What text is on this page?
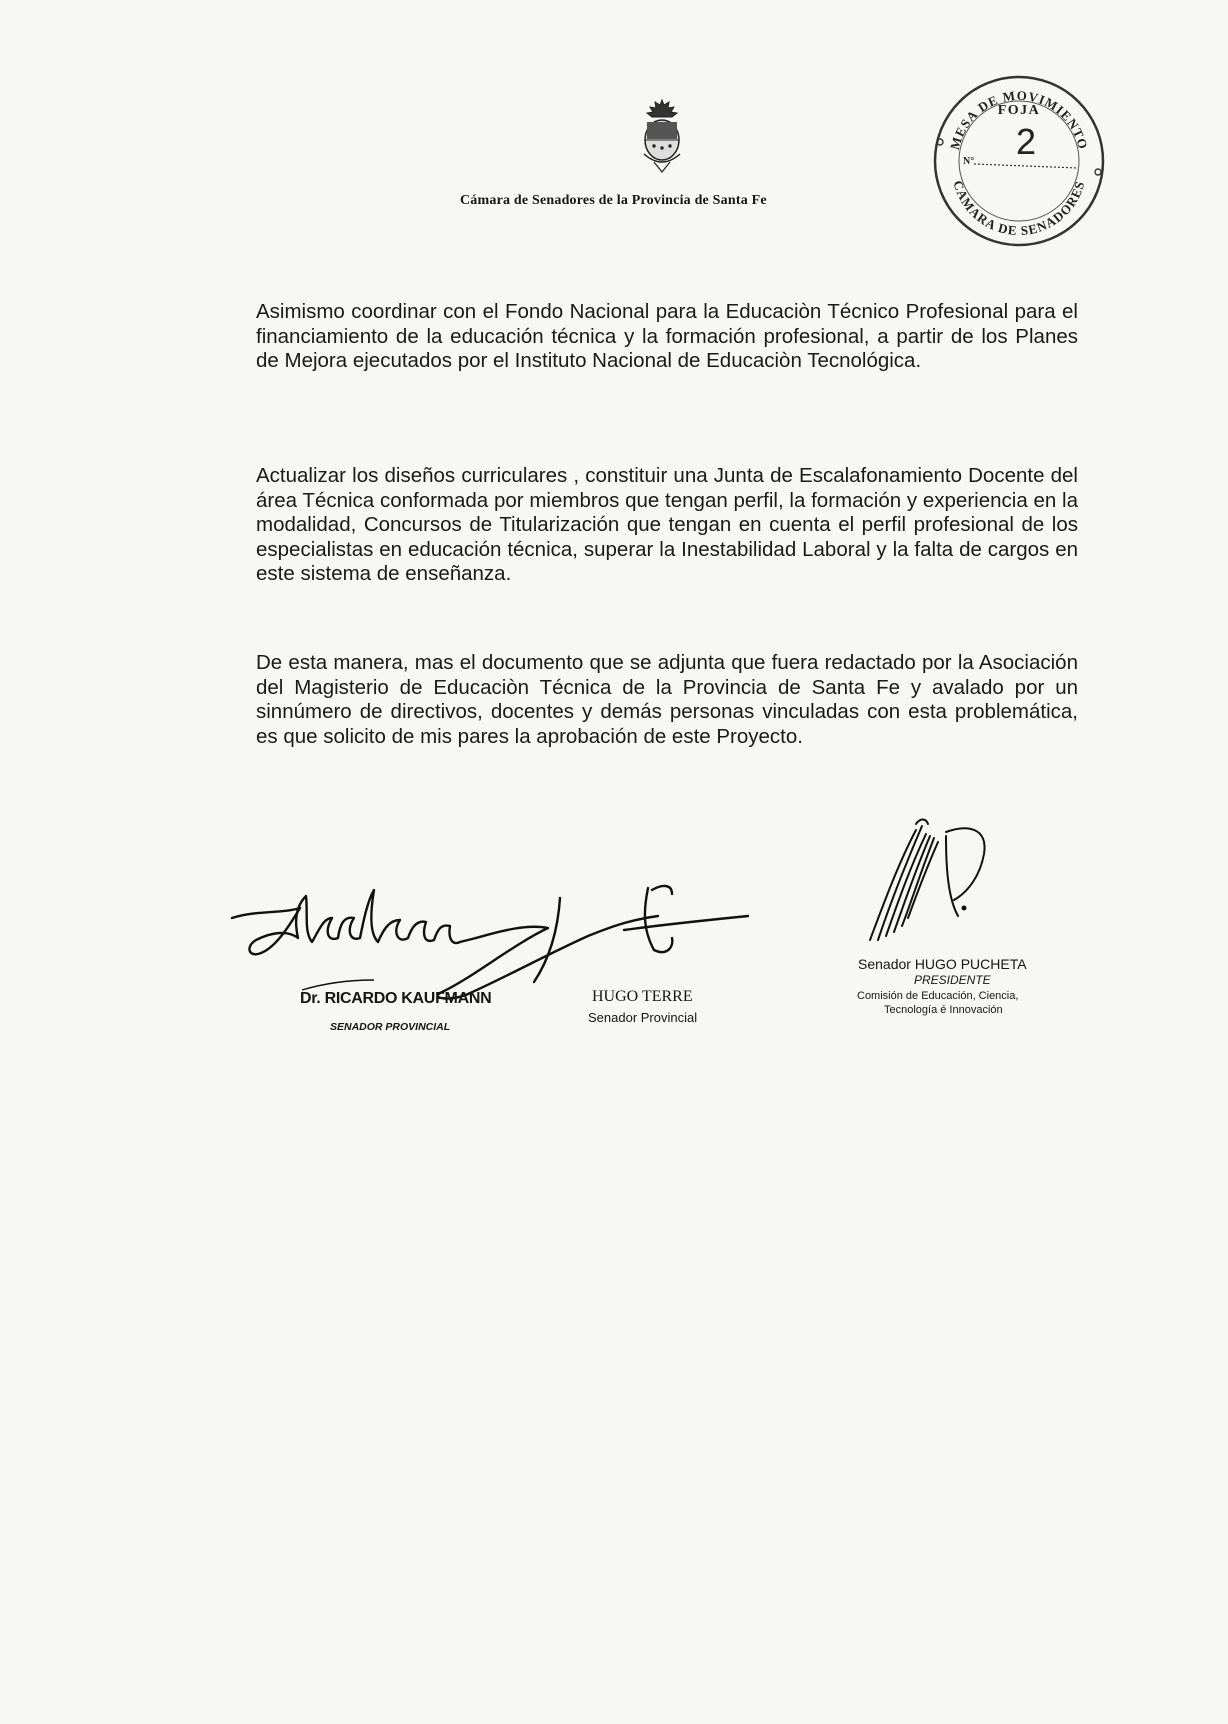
Cámara de Senadores de la Provincia de Santa Fe
MESA DE MOVIMIENTO
CAMARA DE SENADORES
FOJA
N° 2
Asimismo coordinar con el Fondo Nacional para la Educaciòn Técnico Profesional para el financiamiento de la educación técnica y la formación profesional, a partir de los Planes de Mejora ejecutados por el Instituto Nacional de Educaciòn Tecnológica.
Actualizar los diseños curriculares , constituir una Junta de Escalafonamiento Docente del área Técnica conformada por miembros que tengan perfil, la formación y experiencia en la modalidad, Concursos de Titularización que tengan en cuenta el perfil profesional de los especialistas en educación técnica, superar la Inestabilidad Laboral y la falta de cargos en este sistema de enseñanza.
De esta manera, mas el documento que se adjunta que fuera redactado por la Asociación del Magisterio de Educaciòn Técnica de la Provincia de Santa Fe y avalado por un sinnúmero de directivos, docentes y demás personas vinculadas con esta problemática, es que solicito de mis pares la aprobación de este Proyecto.
Dr. RICARDO KAUFMANN
SENADOR PROVINCIAL
HUGO TERRE
Senador Provincial
Senador HUGO PUCHETA
PRESIDENTE
Comisión de Educación, Ciencia,
Tecnología é Innovación
